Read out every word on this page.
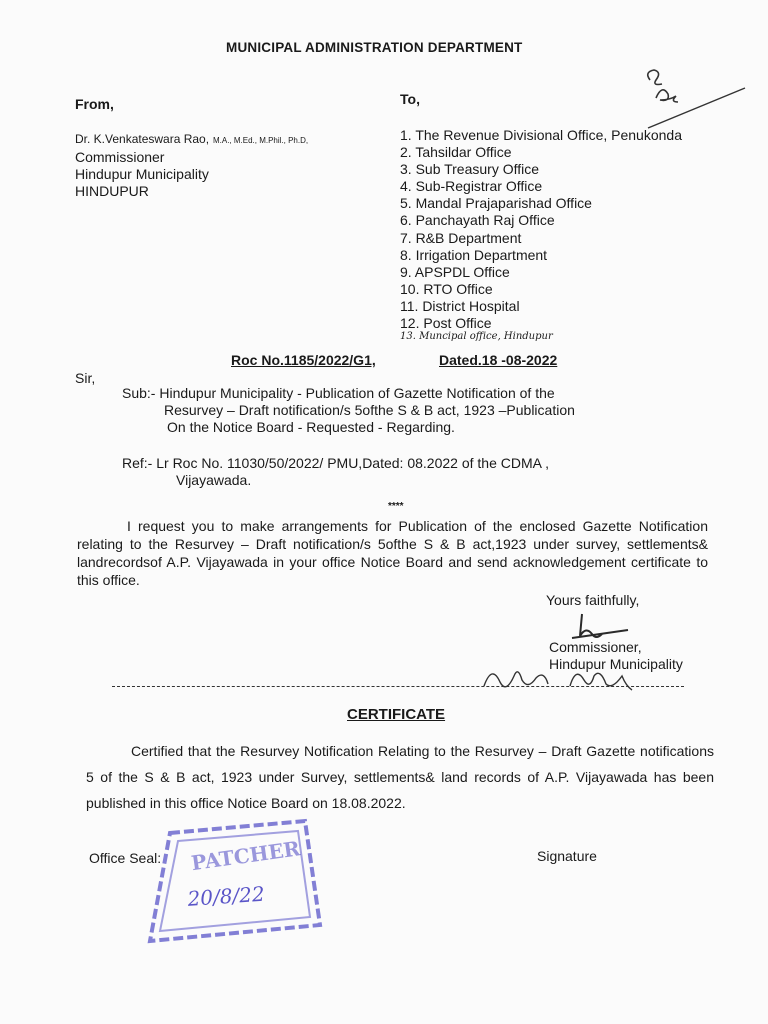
MUNICIPAL ADMINISTRATION DEPARTMENT
From,	To,
Dr. K.Venkateswara Rao, M.A., M.Ed., M.Phil., Ph.D,
Commissioner
Hindupur Municipality
HINDUPUR
1. The Revenue Divisional Office, Penukonda
2. Tahsildar Office
3. Sub Treasury Office
4. Sub-Registrar Office
5. Mandal Prajaparishad Office
6. Panchayath Raj Office
7. R&B Department
8. Irrigation Department
9. APSPDL Office
10. RTO Office
11. District Hospital
12. Post Office
13. Muncipal office, Hindupur
Roc No.1185/2022/G1,	Dated.18 -08-2022
Sir,
Sub:- Hindupur Municipality - Publication of Gazette Notification of the
Resurvey – Draft notification/s 5ofthe S & B act, 1923 –Publication
On the Notice Board - Requested - Regarding.
Ref:- Lr Roc No. 11030/50/2022/ PMU,Dated: 08.2022 of the CDMA ,
Vijayawada.
****
I request you to make arrangements for Publication of the enclosed Gazette Notification relating to the Resurvey – Draft notification/s 5ofthe S & B act,1923 under survey, settlements& landrecordsof A.P. Vijayawada in your office Notice Board and send acknowledgement certificate to this office.
Yours faithfully,
Commissioner,
Hindupur Municipality
CERTIFICATE
Certified that the Resurvey Notification Relating to the Resurvey – Draft Gazette notifications 5 of the S & B act, 1923 under Survey, settlements& land records of A.P. Vijayawada has been published in this office Notice Board on 18.08.2022.
Office Seal:	Signature
PATCHER
20/8/22
